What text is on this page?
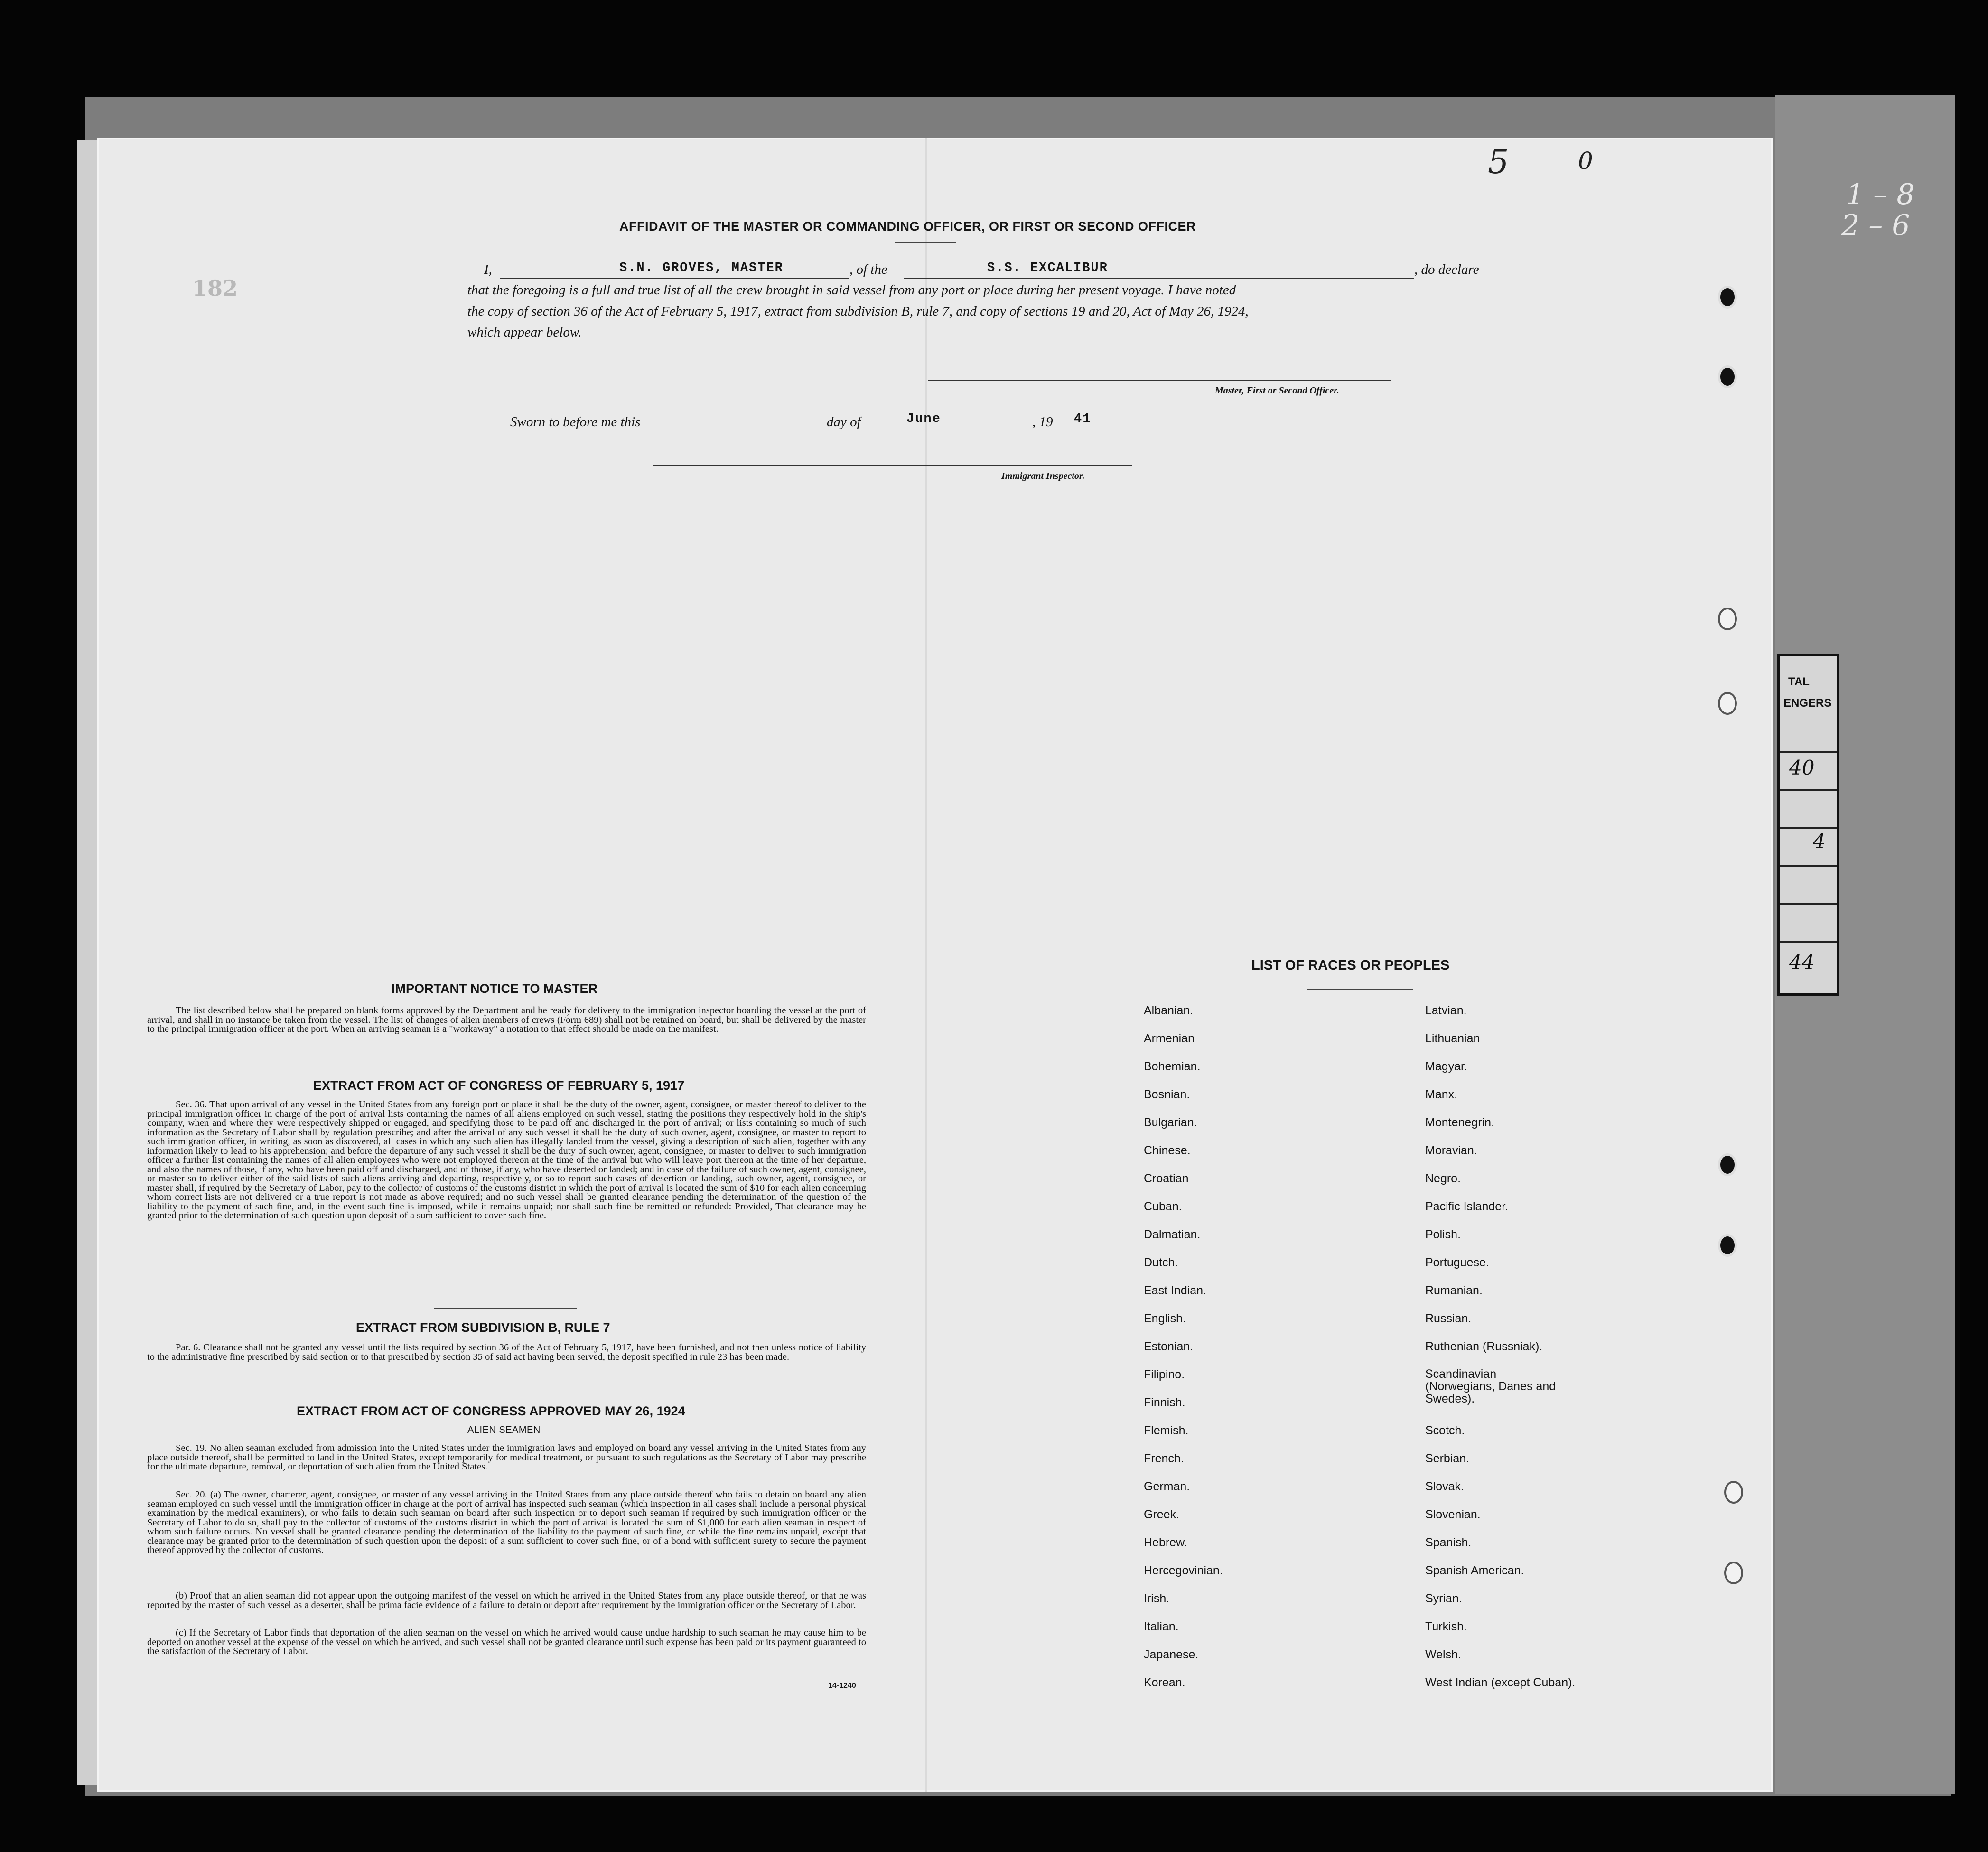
1 – 8
2 – 6
TAL
ENGERS
40
4
44
5	0
182
AFFIDAVIT OF THE MASTER OR COMMANDING OFFICER, OR FIRST OR SECOND OFFICER
I,	S.N. GROVES, MASTER	, of the	S.S. EXCALIBUR	, do declare
that the foregoing is a full and true list of all the crew brought in said vessel from any port or place during her present voyage. I have noted
the copy of section 36 of the Act of February 5, 1917, extract from subdivision B, rule 7, and copy of sections 19 and 20, Act of May 26, 1924,
which appear below.
Master, First or Second Officer.
Sworn to before me this	day of	June	, 19 41
Immigrant Inspector.
IMPORTANT NOTICE TO MASTER

The list described below shall be prepared on blank forms approved by the Department and be ready for delivery to the immigration inspector boarding the vessel at the port of arrival, and shall in no instance be taken from the vessel. The list of changes of alien members of crews (Form 689) shall not be retained on board, but shall be delivered by the master to the principal immigration officer at the port. When an arriving seaman is a "workaway" a notation to that effect should be made on the manifest.

EXTRACT FROM ACT OF CONGRESS OF FEBRUARY 5, 1917

Sec. 36. That upon arrival of any vessel in the United States from any foreign port or place it shall be the duty of the owner, agent, consignee, or master thereof to deliver to the principal immigration officer in charge of the port of arrival lists containing the names of all aliens employed on such vessel, stating the positions they respectively hold in the ship's company, when and where they were respectively shipped or engaged, and specifying those to be paid off and discharged in the port of arrival; or lists containing so much of such information as the Secretary of Labor shall by regulation prescribe; and after the arrival of any such vessel it shall be the duty of such owner, agent, consignee, or master to report to such immigration officer, in writing, as soon as discovered, all cases in which any such alien has illegally landed from the vessel, giving a description of such alien, together with any information likely to lead to his apprehension; and before the departure of any such vessel it shall be the duty of such owner, agent, consignee, or master to deliver to such immigration officer a further list containing the names of all alien employees who were not employed thereon at the time of the arrival but who will leave port thereon at the time of her departure, and also the names of those, if any, who have been paid off and discharged, and of those, if any, who have deserted or landed; and in case of the failure of such owner, agent, consignee, or master so to deliver either of the said lists of such aliens arriving and departing, respectively, or so to report such cases of desertion or landing, such owner, agent, consignee, or master shall, if required by the Secretary of Labor, pay to the collector of customs of the customs district in which the port of arrival is located the sum of $10 for each alien concerning whom correct lists are not delivered or a true report is not made as above required; and no such vessel shall be granted clearance pending the determination of the question of the liability to the payment of such fine, and, in the event such fine is imposed, while it remains unpaid; nor shall such fine be remitted or refunded: Provided, That clearance may be granted prior to the determination of such question upon deposit of a sum sufficient to cover such fine.

EXTRACT FROM SUBDIVISION B, RULE 7

Par. 6. Clearance shall not be granted any vessel until the lists required by section 36 of the Act of February 5, 1917, have been furnished, and not then unless notice of liability to the administrative fine prescribed by said section or to that prescribed by section 35 of said act having been served, the deposit specified in rule 23 has been made.

EXTRACT FROM ACT OF CONGRESS APPROVED MAY 26, 1924
ALIEN SEAMEN

Sec. 19. No alien seaman excluded from admission into the United States under the immigration laws and employed on board any vessel arriving in the United States from any place outside thereof, shall be permitted to land in the United States, except temporarily for medical treatment, or pursuant to such regulations as the Secretary of Labor may prescribe for the ultimate departure, removal, or deportation of such alien from the United States.

Sec. 20. (a) The owner, charterer, agent, consignee, or master of any vessel arriving in the United States from any place outside thereof who fails to detain on board any alien seaman employed on such vessel until the immigration officer in charge at the port of arrival has inspected such seaman (which inspection in all cases shall include a personal physical examination by the medical examiners), or who fails to detain such seaman on board after such inspection or to deport such seaman if required by such immigration officer or the Secretary of Labor to do so, shall pay to the collector of customs of the customs district in which the port of arrival is located the sum of $1,000 for each alien seaman in respect of whom such failure occurs. No vessel shall be granted clearance pending the determination of the liability to the payment of such fine, or while the fine remains unpaid, except that clearance may be granted prior to the determination of such question upon the deposit of a sum sufficient to cover such fine, or of a bond with sufficient surety to secure the payment thereof approved by the collector of customs.

(b) Proof that an alien seaman did not appear upon the outgoing manifest of the vessel on which he arrived in the United States from any place outside thereof, or that he was reported by the master of such vessel as a deserter, shall be prima facie evidence of a failure to detain or deport after requirement by the immigration officer or the Secretary of Labor.

(c) If the Secretary of Labor finds that deportation of the alien seaman on the vessel on which he arrived would cause undue hardship to such seaman he may cause him to be deported on another vessel at the expense of the vessel on which he arrived, and such vessel shall not be granted clearance until such expense has been paid or its payment guaranteed to the satisfaction of the Secretary of Labor.

14-1240
LIST OF RACES OR PEOPLES
Albanian.
Armenian
Bohemian.
Bosnian.
Bulgarian.
Chinese.
Croatian
Cuban.
Dalmatian.
Dutch.
East Indian.
English.
Estonian.
Filipino.
Finnish.
Flemish.
French.
German.
Greek.
Hebrew.
Hercegovinian.
Irish.
Italian.
Japanese.
Korean.
Latvian.
Lithuanian
Magyar.
Manx.
Montenegrin.
Moravian.
Negro.
Pacific Islander.
Polish.
Portuguese.
Rumanian.
Russian.
Ruthenian (Russniak).
Scandinavian (Norwegians, Danes and Swedes).
Scotch.
Serbian.
Slovak.
Slovenian.
Spanish.
Spanish American.
Syrian.
Turkish.
Welsh.
West Indian (except Cuban).
